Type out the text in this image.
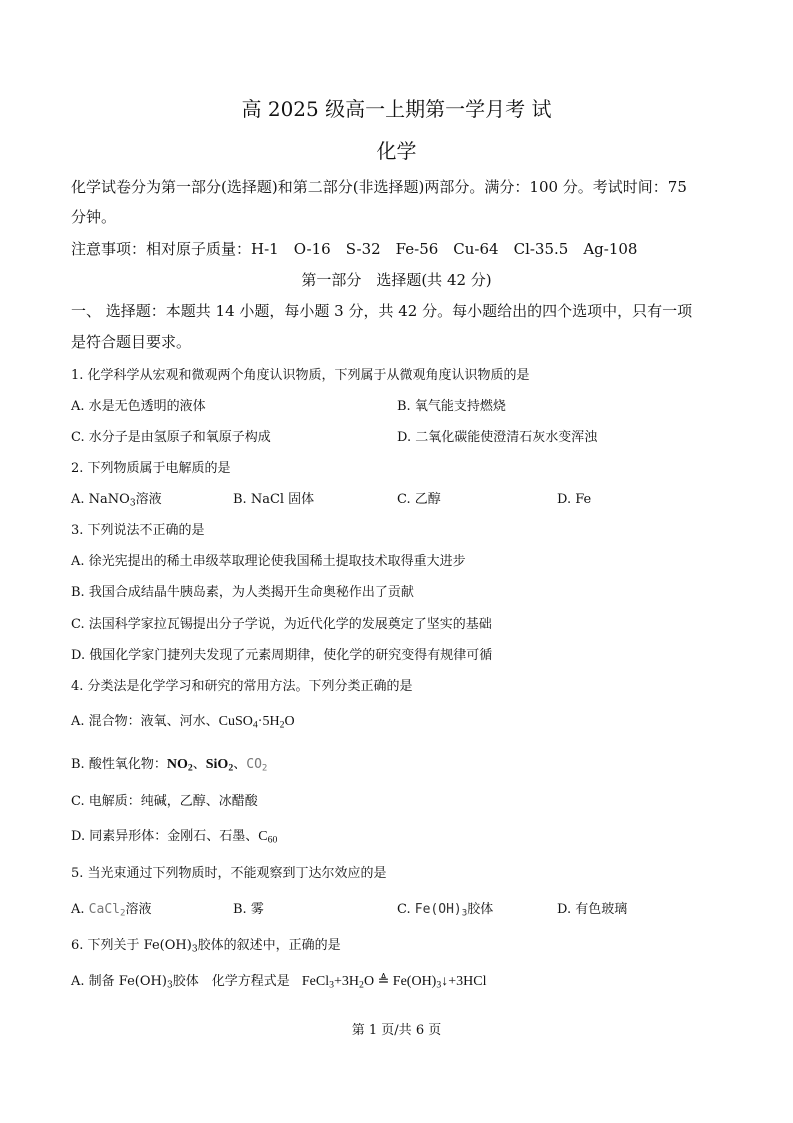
高 2025 级高一上期第一学月考 试
化学
化学试卷分为第一部分(选择题)和第二部分(非选择题)两部分。满分：100 分。考试时间：75
分钟。
注意事项：相对原子质量：H-1　O-16　S-32　Fe-56　Cu-64　Cl-35.5　Ag-108
第一部分　选择题(共 42 分)
一、 选择题：本题共 14 小题，每小题 3 分，共 42 分。每小题给出的四个选项中，只有一项
是符合题目要求。
1. 化学科学从宏观和微观两个角度认识物质，下列属于从微观角度认识物质的是
A. 水是无色透明的液体	B. 氧气能支持燃烧
C. 水分子是由氢原子和氧原子构成	D. 二氧化碳能使澄清石灰水变浑浊
2. 下列物质属于电解质的是
A. NaNO$_3$溶液	B. NaCl 固体	C. 乙醇	D. Fe
3. 下列说法不正确的是
A. 徐光宪提出的稀土串级萃取理论使我国稀土提取技术取得重大进步
B. 我国合成结晶牛胰岛素，为人类揭开生命奥秘作出了贡献
C. 法国科学家拉瓦锡提出分子学说，为近代化学的发展奠定了坚实的基础
D. 俄国化学家门捷列夫发现了元素周期律，使化学的研究变得有规律可循
4. 分类法是化学学习和研究的常用方法。下列分类正确的是
A. 混合物：液氧、河水、$CuSO_4\cdot 5H_2O$
B. 酸性氧化物：$NO_2$、SiO$_2$、$CO_2$
C. 电解质：纯碱，乙醇、冰醋酸
D. 同素异形体：金刚石、石墨、$C_{60}$
5. 当光束通过下列物质时，不能观察到丁达尔效应的是
A. CaCl$_2$溶液	B. 雾	C. $Fe(OH)_3$胶体	D. 有色玻璃
6. 下列关于 $Fe(OH)_3$胶体的叙述中，正确的是
A. 制备 $Fe(OH)_3$胶体　化学方程式是 $FeCl_3+3H_2O$ ≜ $Fe(OH)_3↓+3HCl$
第 1 页/共 6 页
